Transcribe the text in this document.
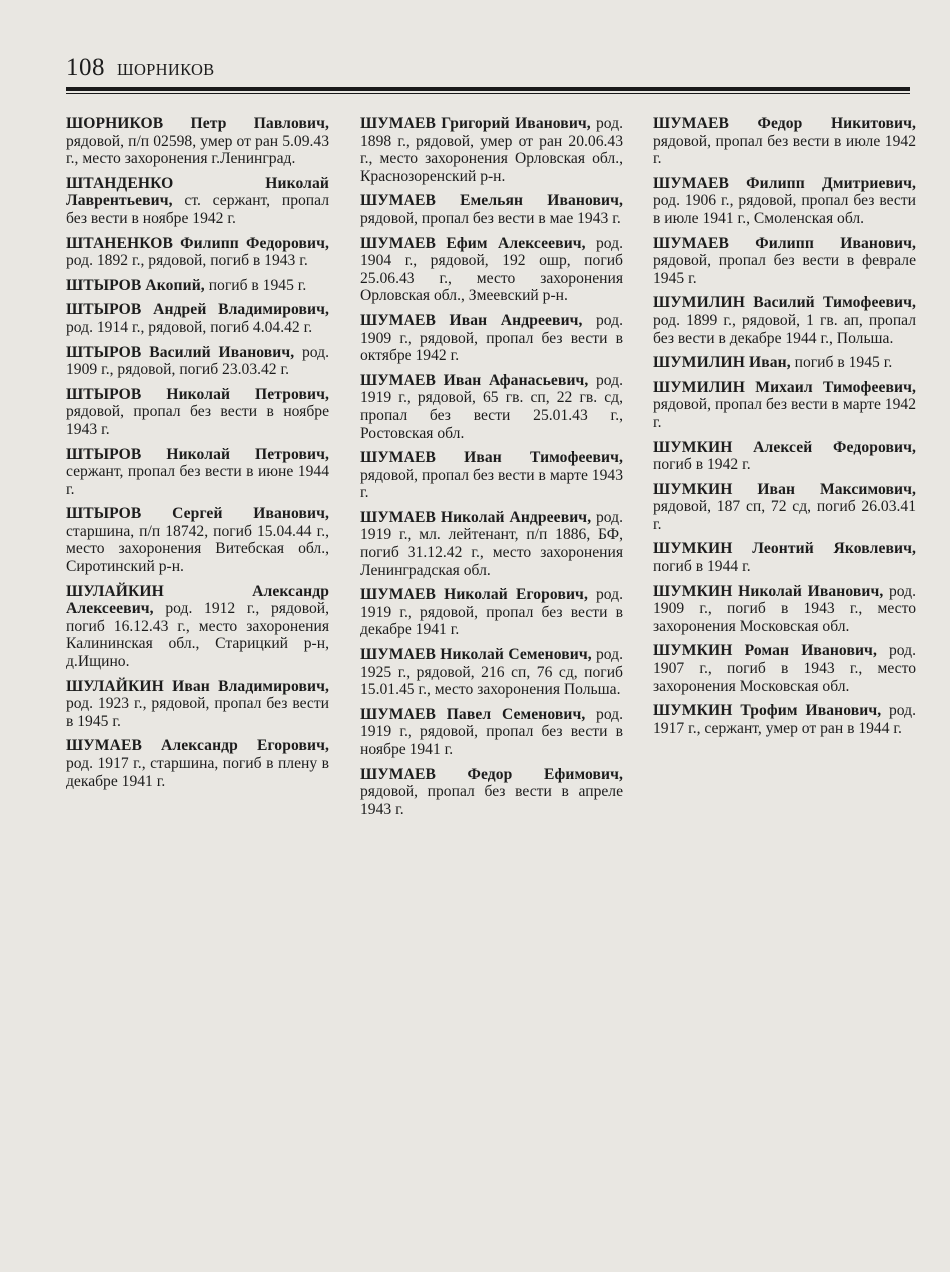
108 ШОРНИКОВ

ШОРНИКОВ Петр Павлович, рядовой, п/п 02598, умер от ран 5.09.43 г., место захоронения г.Ленинград.

ШТАНДЕНКО Николай Лаврентьевич, ст. сержант, пропал без вести в ноябре 1942 г.

ШТАНЕНКОВ Филипп Федорович, род. 1892 г., рядовой, погиб в 1943 г.

ШТЫРОВ Акопий, погиб в 1945 г.

ШТЫРОВ Андрей Владимирович, род. 1914 г., рядовой, погиб 4.04.42 г.

ШТЫРОВ Василий Иванович, род. 1909 г., рядовой, погиб 23.03.42 г.

ШТЫРОВ Николай Петрович, рядовой, пропал без вести в ноябре 1943 г.

ШТЫРОВ Николай Петрович, сержант, пропал без вести в июне 1944 г.

ШТЫРОВ Сергей Иванович, старшина, п/п 18742, погиб 15.04.44 г., место захоронения Витебская обл., Сиротинский р-н.

ШУЛАЙКИН Александр Алексеевич, род. 1912 г., рядовой, погиб 16.12.43 г., место захоронения Калининская обл., Старицкий р-н, д.Ищино.

ШУЛАЙКИН Иван Владимирович, род. 1923 г., рядовой, пропал без вести в 1945 г.

ШУМАЕВ Александр Егорович, род. 1917 г., старшина, погиб в плену в декабре 1941 г.

ШУМАЕВ Григорий Иванович, род. 1898 г., рядовой, умер от ран 20.06.43 г., место захоронения Орловская обл., Краснозоренский р-н.

ШУМАЕВ Емельян Иванович, рядовой, пропал без вести в мае 1943 г.

ШУМАЕВ Ефим Алексеевич, род. 1904 г., рядовой, 192 ошр, погиб 25.06.43 г., место захоронения Орловская обл., Змеевский р-н.

ШУМАЕВ Иван Андреевич, род. 1909 г., рядовой, пропал без вести в октябре 1942 г.

ШУМАЕВ Иван Афанасьевич, род. 1919 г., рядовой, 65 гв. сп, 22 гв. сд, пропал без вести 25.01.43 г., Ростовская обл.

ШУМАЕВ Иван Тимофеевич, рядовой, пропал без вести в марте 1943 г.

ШУМАЕВ Николай Андреевич, род. 1919 г., мл. лейтенант, п/п 1886, БФ, погиб 31.12.42 г., место захоронения Ленинградская обл.

ШУМАЕВ Николай Егорович, род. 1919 г., рядовой, пропал без вести в декабре 1941 г.

ШУМАЕВ Николай Семенович, род. 1925 г., рядовой, 216 сп, 76 сд, погиб 15.01.45 г., место захоронения Польша.

ШУМАЕВ Павел Семенович, род. 1919 г., рядовой, пропал без вести в ноябре 1941 г.

ШУМАЕВ Федор Ефимович, рядовой, пропал без вести в апреле 1943 г.

ШУМАЕВ Федор Никитович, рядовой, пропал без вести в июле 1942 г.

ШУМАЕВ Филипп Дмитриевич, род. 1906 г., рядовой, пропал без вести в июле 1941 г., Смоленская обл.

ШУМАЕВ Филипп Иванович, рядовой, пропал без вести в феврале 1945 г.

ШУМИЛИН Василий Тимофеевич, род. 1899 г., рядовой, 1 гв. ап, пропал без вести в декабре 1944 г., Польша.

ШУМИЛИН Иван, погиб в 1945 г.

ШУМИЛИН Михаил Тимофеевич, рядовой, пропал без вести в марте 1942 г.

ШУМКИН Алексей Федорович, погиб в 1942 г.

ШУМКИН Иван Максимович, рядовой, 187 сп, 72 сд, погиб 26.03.41 г.

ШУМКИН Леонтий Яковлевич, погиб в 1944 г.

ШУМКИН Николай Иванович, род. 1909 г., погиб в 1943 г., место захоронения Московская обл.

ШУМКИН Роман Иванович, род. 1907 г., погиб в 1943 г., место захоронения Московская обл.

ШУМКИН Трофим Иванович, род. 1917 г., сержант, умер от ран в 1944 г.
